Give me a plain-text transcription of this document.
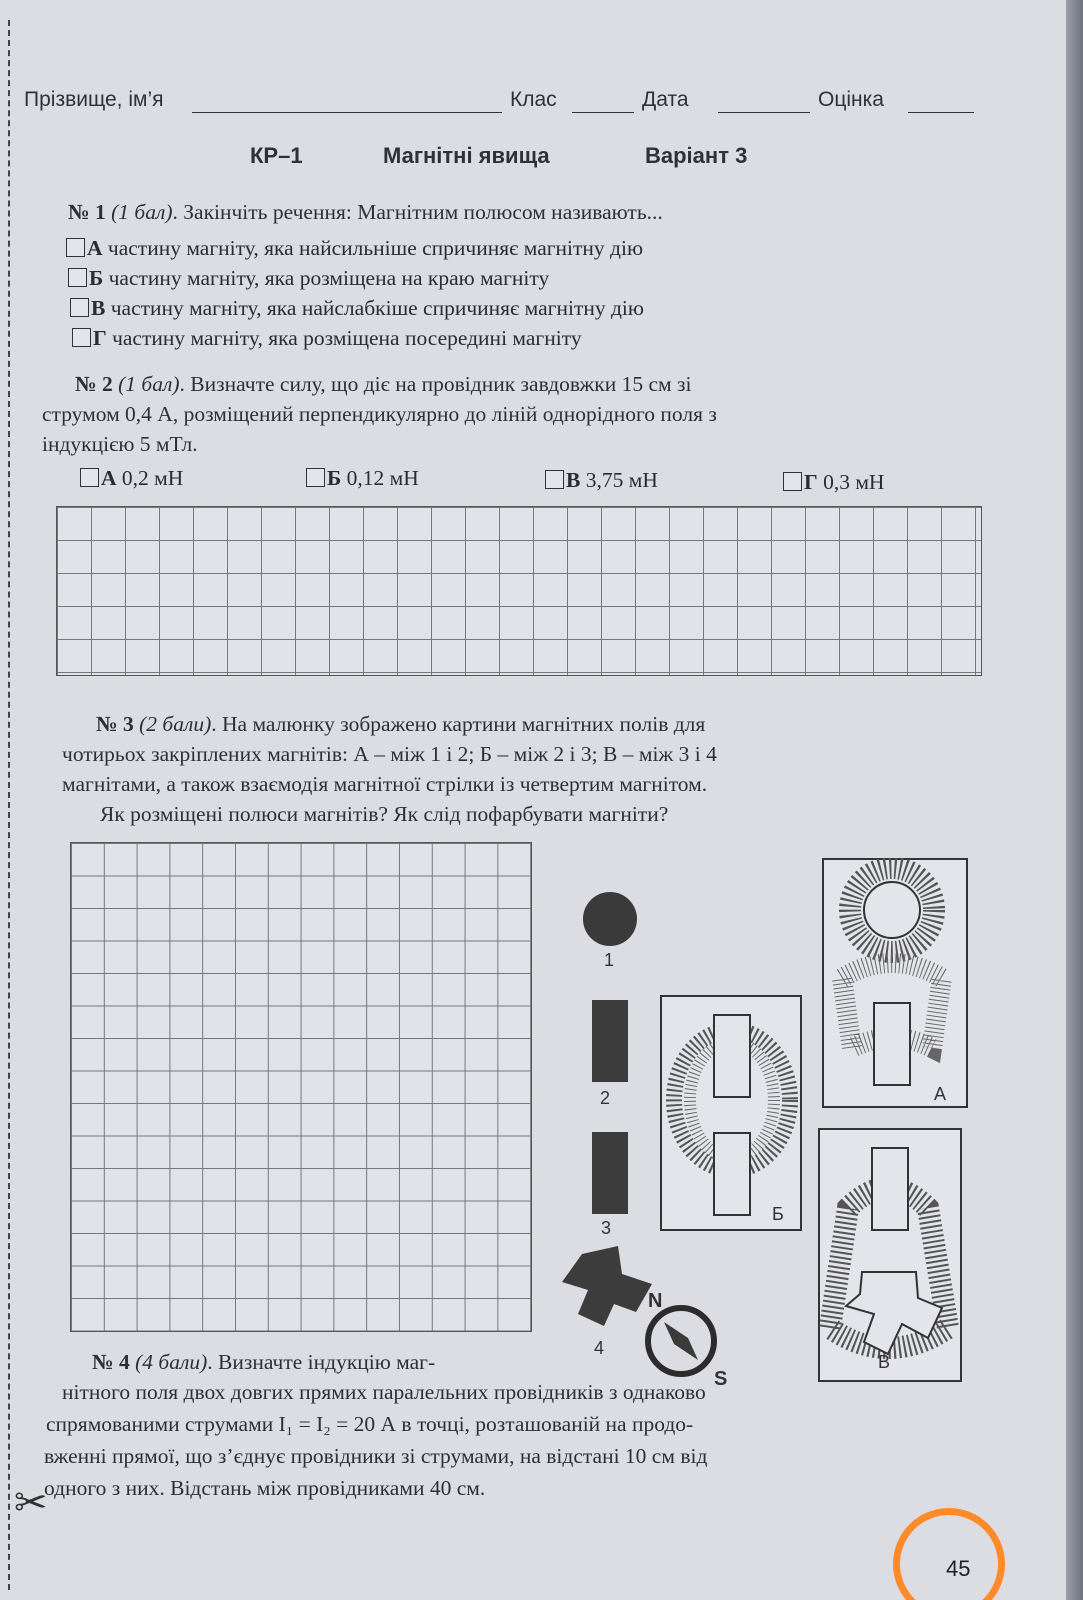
✂
Прізвище, ім’я	Клас	Дата	Оцінка
КР–1	Магнітні явища	Варіант 3
№ 1 (1 бал). Закінчіть речення: Магнітним полюсом називають...
А частину магніту, яка найсильніше спричиняє магнітну дію
Б частину магніту, яка розміщена на краю магніту
В частину магніту, яка найслабкіше спричиняє магнітну дію
Г частину магніту, яка розміщена посередині магніту
№ 2 (1 бал). Визначте силу, що діє на провідник завдовжки 15 см зі
струмом 0,4 А, розміщений перпендикулярно до ліній однорідного поля з
індукцією 5 мТл.
А 0,2 мН	Б 0,12 мН	В 3,75 мН	Г 0,3 мН
№ 3 (2 бали). На малюнку зображено картини магнітних полів для
чотирьох закріплених магнітів: А – між 1 і 2; Б – між 2 і 3; В – між 3 і 4
магнітами, а також взаємодія магнітної стрілки із четвертим магнітом.
Як розміщені полюси магнітів? Як слід пофарбувати магніти?
1
2
3
4
N
S
Б
А
В
№ 4 (4 бали). Визначте індукцію маг-
нітного поля двох довгих прямих паралельних провідників з однаково
спрямованими струмами I₁ = I₂ = 20 А в точці, розташованій на продо-
вженні прямої, що з’єднує провідники зі струмами, на відстані 10 см від
одного з них. Відстань між провідниками 40 см.
45
